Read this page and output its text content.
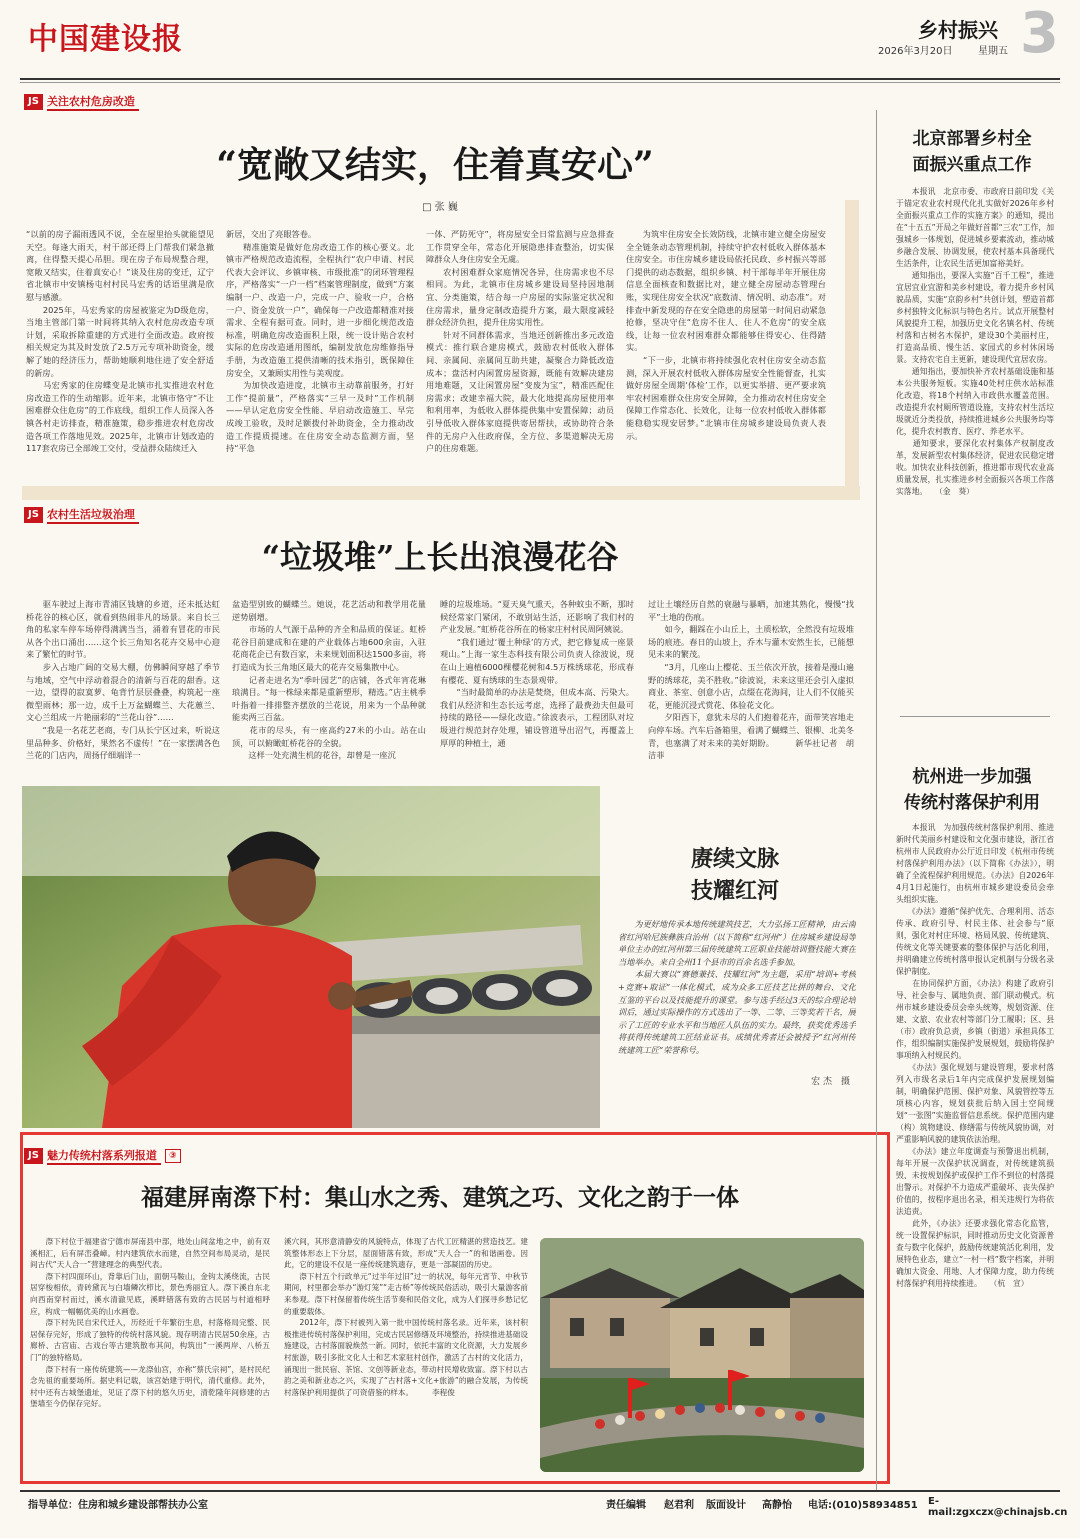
中国建设报	乡村振兴
2026年3月20日	星期五 3
JS 关注农村危房改造
“宽敞又结实，住着真安心”
□ 张 巍
“以前的房子漏雨透风不说，全在屋里抬头就能望见天空。每逢大雨天，村干部还得上门帮我们紧急撤离，住得整天提心吊胆。现在房子布局规整合理，宽敞又结实，住着真安心！”谈及住房的变迁，辽宁省北镇市中安镇杨屯村村民马宏秀的话语里满是欣慰与感激。
　　2025年，马宏秀家的房屋被鉴定为D级危房，当地主管部门第一时间将其纳入农村危房改造专项计划，采取拆除重建的方式进行全面改造。政府按相关规定为其及时发放了2.5万元专项补助资金，缓解了她的经济压力，帮助她顺利地住进了安全舒适的新房。
　　马宏秀家的住房蝶变是北镇市扎实推进农村危房改造工作的生动缩影。近年来，北镇市恪守“不让困难群众住危房”的工作底线，组织工作人员深入各镇各村走访排查，精准施策，稳步推进农村危房改造各项工作落地见效。2025年，北镇市计划改造的117套农房已全部竣工交付，受益群众陆续迁入
新居，交出了亮眼答卷。
　　精准施策是做好危房改造工作的核心要义。北镇市严格规范改造流程，全程执行“农户申请、村民代表大会评议、乡镇审核、市级批准”的闭环管理程序，严格落实“一户一档”档案管理制度，做到“方案编制一户、改造一户，完成一户、验收一户，合格一户、资金发放一户”，确保每一户改造都精准对接需求、全程有据可查。同时，进一步细化规范改造标准，明确危房改造面积上限，统一设计贴合农村实际的危房改造通用图纸，编制发放危房维修指导手册，为改造施工提供清晰的技术指引，既保障住房安全，又兼顾实用性与美观度。
　　为加快改造进度，北镇市主动靠前服务，打好工作“提前量”，严格落实“三早一及时”工作机制——早认定危房安全性能、早启动改造施工、早完成竣工验收，及时足额拨付补助资金，全力推动改造工作提质提速。在住房安全动态监测方面，坚持“平急
一体、严防死守”，将房屋安全日常监测与应急排查工作贯穿全年，常态化开展隐患排查整治，切实保障群众人身住房安全无虞。
　　农村困难群众家庭情况各异，住房需求也不尽相同。为此，北镇市住房城乡建设局坚持因地制宜、分类施策，结合每一户房屋的实际鉴定状况和住房需求，量身定制改造提升方案，最大限度减轻群众经济负担，提升住房实用性。
　　针对不同群体需求，当地还创新推出多元改造模式：推行联合建房模式，鼓励农村低收入群体间、亲属间、亲属间互助共建，凝聚合力降低改造成本；盘活村内闲置房屋资源，既能有效解决建房用地难题，又让闲置房屋“变废为宝”，精准匹配住房需求；改建幸福大院，最大化地提高房屋使用率和利用率，为低收入群体提供集中安置保障；动员引导低收入群体家庭提供寄居帮扶，或协助符合条件的无房户入住政府保，全方位、多渠道解决无房户的住房难题。
　　为筑牢住房安全长效防线，北镇市建立健全房屋安全全链条动态管理机制，持续守护农村低收入群体基本住房安全。市住房城乡建设局依托民政、乡村振兴等部门提供的动态数据，组织乡镇、村干部每半年开展住房信息全面核查和数据比对，建立健全房屋动态管理台账，实现住房安全状况“底数清、情况明、动态准”。对排查中新发现的存在安全隐患的房屋第一时间启动紧急抢修，坚决守住“危房不住人、住人不危房”的安全底线，让每一位农村困难群众都能够住得安心、住得踏实。
　　“下一步，北镇市将持续强化农村住房安全动态监测，深入开展农村低收入群体房屋安全性能督查，扎实做好房屋全周期‘体检’工作，以更实举措、更严要求筑牢农村困难群众住房安全屏障，全力推动农村住房安全保障工作常态化、长效化，让每一位农村低收入群体都能稳稳实现安居梦。”北镇市住房城乡建设局负责人表示。
JS 农村生活垃圾治理
“垃圾堆”上长出浪漫花谷
　　驱车驶过上海市青浦区钱塘的乡道，还未抵达虹桥花谷的核心区，就看到热闹非凡的场景。来自长三角的私家车停车场停得满满当当，涌着有冒花的市民从各个出口涌出……这个长三角知名花卉交易中心迎来了繁忙的时节。
　　步入占地广阔的交易大棚，仿佛瞬间穿越了季节与地域，空气中浮动着混合的清新与百花的甜香。这一边，望得的寂寞萝、龟背竹层层叠叠，构筑起一座微型雨林；那一边，成千上万盆蝴蝶兰、大花蕙兰、文心兰组成一片艳丽彩的“兰花山谷”……
　　“我是一名花艺老商，专门从长宁区过来，听说这里品种多、价格好，果然名不虚传！”在一家摆满各色兰花的门店内，周扬仔细端详一
盆造型别致的蝴蝶兰。她说，花艺活动和教学用花量逆势剧增。
　　市场的人气源于品种的齐全和品质的保证。虹桥花谷目前建成和在建的产业载体占地600余亩，入驻花商花企已有数百家，未来规划面积达1500多亩，将打造成为长三角地区最大的花卉交易集散中心。
　　记者走进名为“季叶园艺”的店铺，各式年宵花琳琅满目。“每一株绿来都是重新塑形，精选。”店主桃季叶指着一排排整齐摆放的兰花说，用来为一个品种就能卖两三百盆。
　　花市的尽头，有一座高约27米的小山。站在山顶，可以俯瞰虹桥花谷的全貌。
　　这样一处充满生机的花谷，却曾是一座沉
睡的垃圾堆场。“夏天臭气熏天，各种蚊虫不断，那时候经常家门紧闭，不敢别站生活，还影响了我们村的产业发展。”虹桥花谷所在的杨家庄村村民周阿姨说。
　　“我们通过‘覆土种绿’的方式，把它修复成一座景观山。”上海一家生态科技有限公司负责人徐波说，现在山上遍植6000棵樱花树和4.5万株绣球花，形成春有樱花、夏有绣球的生态景观带。
　　“当时最简单的办法是焚烧，但成本高、污染大。我们从经济和生态长远考虑，选择了最费劲夫但最可持续的路径——绿化改造。”徐波表示，工程团队对垃圾进行规范封存处理，铺设管道导出沼气，再覆盖上厚厚的种植土，通
过让土壤经历自然的衰融与暴晒，加速其熟化，慢慢“找平”土地的伤痕。
　　如今，翻踩在小山丘上，土质松软，全然没有垃圾堆场的痕迹。春日的山坡上，乔木与灌木安然生长，已能想见未来的繁茂。
　　“3月，几座山上樱花、玉兰依次开放，接着是漫山遍野的绣球花，美不胜收。”徐波说，未来这里还会引入虚拟商业、茶室、创意小店，点缀在花海间，让人们不仅能买花，更能沉浸式赏花、体验花文化。
　　夕阳西下，意犹未尽的人们抱着花卉，面带笑容地走向停车场。汽车后备箱里，看满了蝴蝶兰、银柳、北美冬青，也塞满了对未来的美好期盼。　　　新华社记者　胡洁菲
赓续文脉
技耀红河
　　为更好地传承本地传统建筑技艺，大力弘扬工匠精神，由云南省红河哈尼族彝族自治州（以下简称“红河州”）住房城乡建设局等单位主办的红河州第三届传统建筑工匠职业技能培训暨技能大赛在当地举办。来自全州11个县市的百余名选手参加。
　　本届大赛以“赛德兼技、技耀红河”为主题，采用“培训+考核+竞赛+取证”一体化模式，成为众多工匠技艺比拼的舞台、文化互鉴的平台以及技能提升的课堂。参与选手经过3天的综合理论培训后，通过实际操作的方式选出了一等、二等、三等奖若干名，展示了工匠的专业水平和当地匠人队伍的实力。最终，获奖优秀选手将获得传统建筑工匠结业证书。成绩优秀者还会被授予“红河州传统建筑工匠”荣誉称号。
宏 杰　摄
JS 魅力传统村落系列报道	③
福建屏南漈下村：集山水之秀、建筑之巧、文化之韵于一体
　　漈下村位于福建省宁德市屏南县中部，地处山间盆地之中，前有双溪相汇，后有屏峦叠嶂。村内建筑依水而建，自然空间布局灵动，是民间古代“天人合一”营建理念的典型代表。
　　漈下村四面环山，背靠后门山，面朝马鞍山，金钩太溪绕流，古民居穿梭相依，青砖黛瓦与白墙鳞次栉比，景色秀丽宜人。漈下溪自东北向西南穿村而过，溪水清澈见底，溪畔错落有致的古民居与村道相呼应，构成一幅幅优美的山水画卷。
　　漈下村先民自宋代迁入，历经近千年繁衍生息，村落格局完整、民居保存完好，形成了独特的传统村落风貌。现存明清古民居50余座，古廊桥、古宫庙、古戏台等古建筑散布其间，构筑出“一溪两岸、八桥五门”的独特格局。
　　漈下村有一座传统建筑——龙漈仙宫，亦称“蔡氏宗祠”，是村民纪念先祖的重要场所。据史料记载，该宫始建于明代，清代重修。此外，村中还有古城堡遗址，见证了漈下村的悠久历史，清乾隆年间修建的古堡墙至今仍保存完好。
溪穴间，其形意清静安的风貌特点，体现了古代工匠精湛的营造技艺。建筑整体形态上下分层，屋面错落有致，形成“天人合一”的和谐画卷。因此，它的建设不仅是一座传统建筑遗存，更是一部凝固的历史。
　　漈下村五个行政单元“过半年过旧”过一的状况，每年元宵节、中秋节期间，村里都会举办“游灯笼”“走古桥”等传统民俗活动，吸引大量游客前来参观。漈下村保留着传统生活节奏和民俗文化，成为人们探寻乡愁记忆的重要载体。
　　2012年，漈下村被列入第一批中国传统村落名录。近年来，该村积极推进传统村落保护利用，完成古民居修缮及环境整治，持续推进基础设施建设，古村落面貌焕然一新。同时，依托丰富的文化资源，大力发展乡村旅游，吸引多批文化人士和艺术家驻村创作，激活了古村的文化活力，涌现出一批民宿、茶馆、文创等新业态，带动村民增收致富。漈下村以古韵之美和新业态之兴，实现了“古村落+文化+旅游”的融合发展，为传统村落保护利用提供了可资借鉴的样本。　　　李程俊
北京部署乡村全
面振兴重点工作
　　本报讯　北京市委、市政府日前印发《关于锚定农业农村现代化扎实做好2026年乡村全面振兴重点工作的实施方案》的通知，提出在“十五五”开局之年做好首都“三农”工作，加强城乡一体规划，促进城乡要素流动，推动城乡融合发展、协调发展，使农村基本具备现代生活条件，让农民生活更加富裕美好。
　　通知指出，要深入实施“百千工程”，推进宜居宜业宜游和美乡村建设，着力提升乡村风貌品质，实施“京韵乡村”共创计划，塑造首都乡村独特文化标识与特色名片。试点开展整村风貌提升工程，加强历史文化名镇名村、传统村落和古树名木保护，建设30个美丽村庄，打造高品质、慢生活、家园式的乡村休闲场景。支持农宅自主更新，建设现代宜居农房。
　　通知指出，要加快补齐农村基础设施和基本公共服务短板。实施40处村庄供水站标准化改造，将18个村纳入市政供水覆盖范围。改造提升农村厕所管道设施，支持农村生活垃圾就近分类投放，持续推进城乡公共服务均等化，提升农村教育、医疗、养老水平。
　　通知要求，要深化农村集体产权制度改革，发展新型农村集体经济，促进农民稳定增收。加快农业科技创新，推进都市现代农业高质量发展，扎实推进乡村全面振兴各项工作落实落地。　　（金　葵）
杭州进一步加强
传统村落保护利用
　　本报讯　为加强传统村落保护利用、推进新时代美丽乡村建设和文化强市建设，浙江省杭州市人民政府办公厅近日印发《杭州市传统村落保护利用办法》（以下简称《办法》），明确了全流程保护利用规范。《办法》自2026年4月1日起施行，由杭州市城乡建设委员会牵头组织实施。
　　《办法》遵循“保护优先、合理利用、活态传承、政府引导、村民主体、社会参与”原则，强化对村庄环境、格局风貌、传统建筑、传统文化等关键要素的整体保护与活化利用，并明确建立传统村落申报认定机制与分级名录保护制度。
　　在协同保护方面，《办法》构建了政府引导、社会参与、属地负责、部门联动模式。杭州市城乡建设委员会牵头统筹，规划资源、住建、文旅、农业农村等部门分工履职；区、县（市）政府负总责，乡镇（街道）承担具体工作，组织编制实施保护发展规划，鼓励将保护事项纳入村规民约。
　　《办法》强化规划与建设管理，要求村落列入市级名录后1年内完成保护发展规划编制，明确保护范围、保护对象、风貌管控等五项核心内容，规划获批后纳入国土空间规划“一张图”实施监督信息系统。保护范围内建（构）筑物建设、修缮需与传统风貌协调，对严重影响风貌的建筑依法治理。
　　《办法》建立年度调查与预警退出机制，每年开展一次保护状况调查，对传统建筑损毁、未按规划保护或保护工作不到位的村落提出警示。对保护不力造成严重破坏、丧失保护价值的，按程序退出名录，相关违规行为将依法追责。
　　此外，《办法》还要求强化常态化监管，统一设置保护标识，同时推动历史文化资源普查与数字化保护，鼓励传统建筑活化利用，发展特色业态，建立“一村一档”数字档案，并明确加大资金、用地、人才保障力度，助力传统村落保护利用持续推进。　　（杭　宣）
指导单位：住房和城乡建设部帮扶办公室	责任编辑 赵君利 版面设计 高静怡 电话:(010)58934851 E-mail:zgxczx@chinajsb.cn
